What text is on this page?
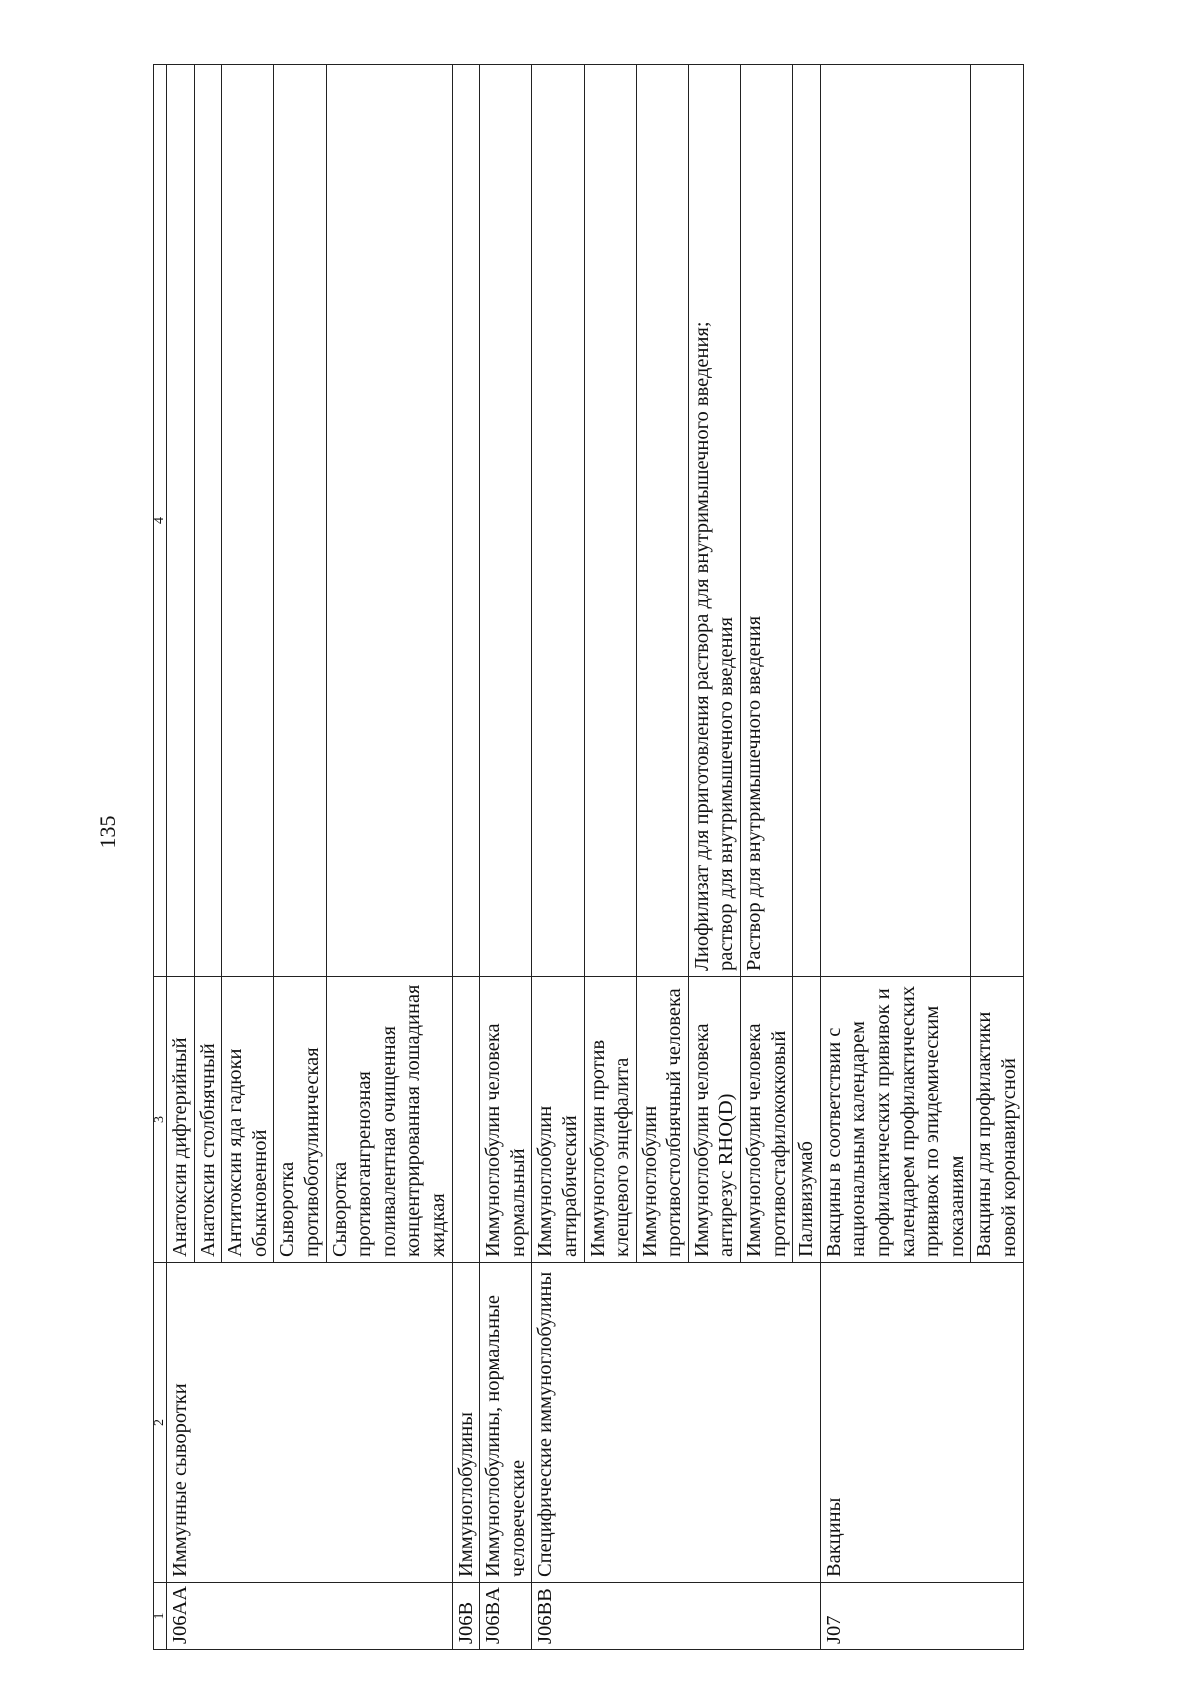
135
1	2	3	4
J06AA	Иммунные сыворотки	Анатоксин дифтерийный	
		Анатоксин столбнячный	
		Антитоксин яда гадюки обыкновенной	
		Сыворотка противоботулиническая	
		Сыворотка противогангренозная поливалентная очищенная концентрированная лошадиная жидкая	
J06B	Иммуноглобулины		
J06BA	Иммуноглобулины, нормальные человеческие	Иммуноглобулин человека нормальный	
J06BB	Специфические иммуноглобулины	Иммуноглобулин антирабический	
		Иммуноглобулин против клещевого энцефалита	
		Иммуноглобулин противостолбнячный человека	
		Иммуноглобулин человека антирезус RHO(D)	Лиофилизат для приготовления раствора для внутримышечного введения;
раствор для внутримышечного введения
		Иммуноглобулин человека противостафилококковый	Раствор для внутримышечного введения
		Паливизумаб	
J07	Вакцины	Вакцины в соответствии с национальным календарем профилактических прививок и календарем профилактических прививок по эпидемическим показаниям	
		Вакцины для профилактики новой коронавирусной	
